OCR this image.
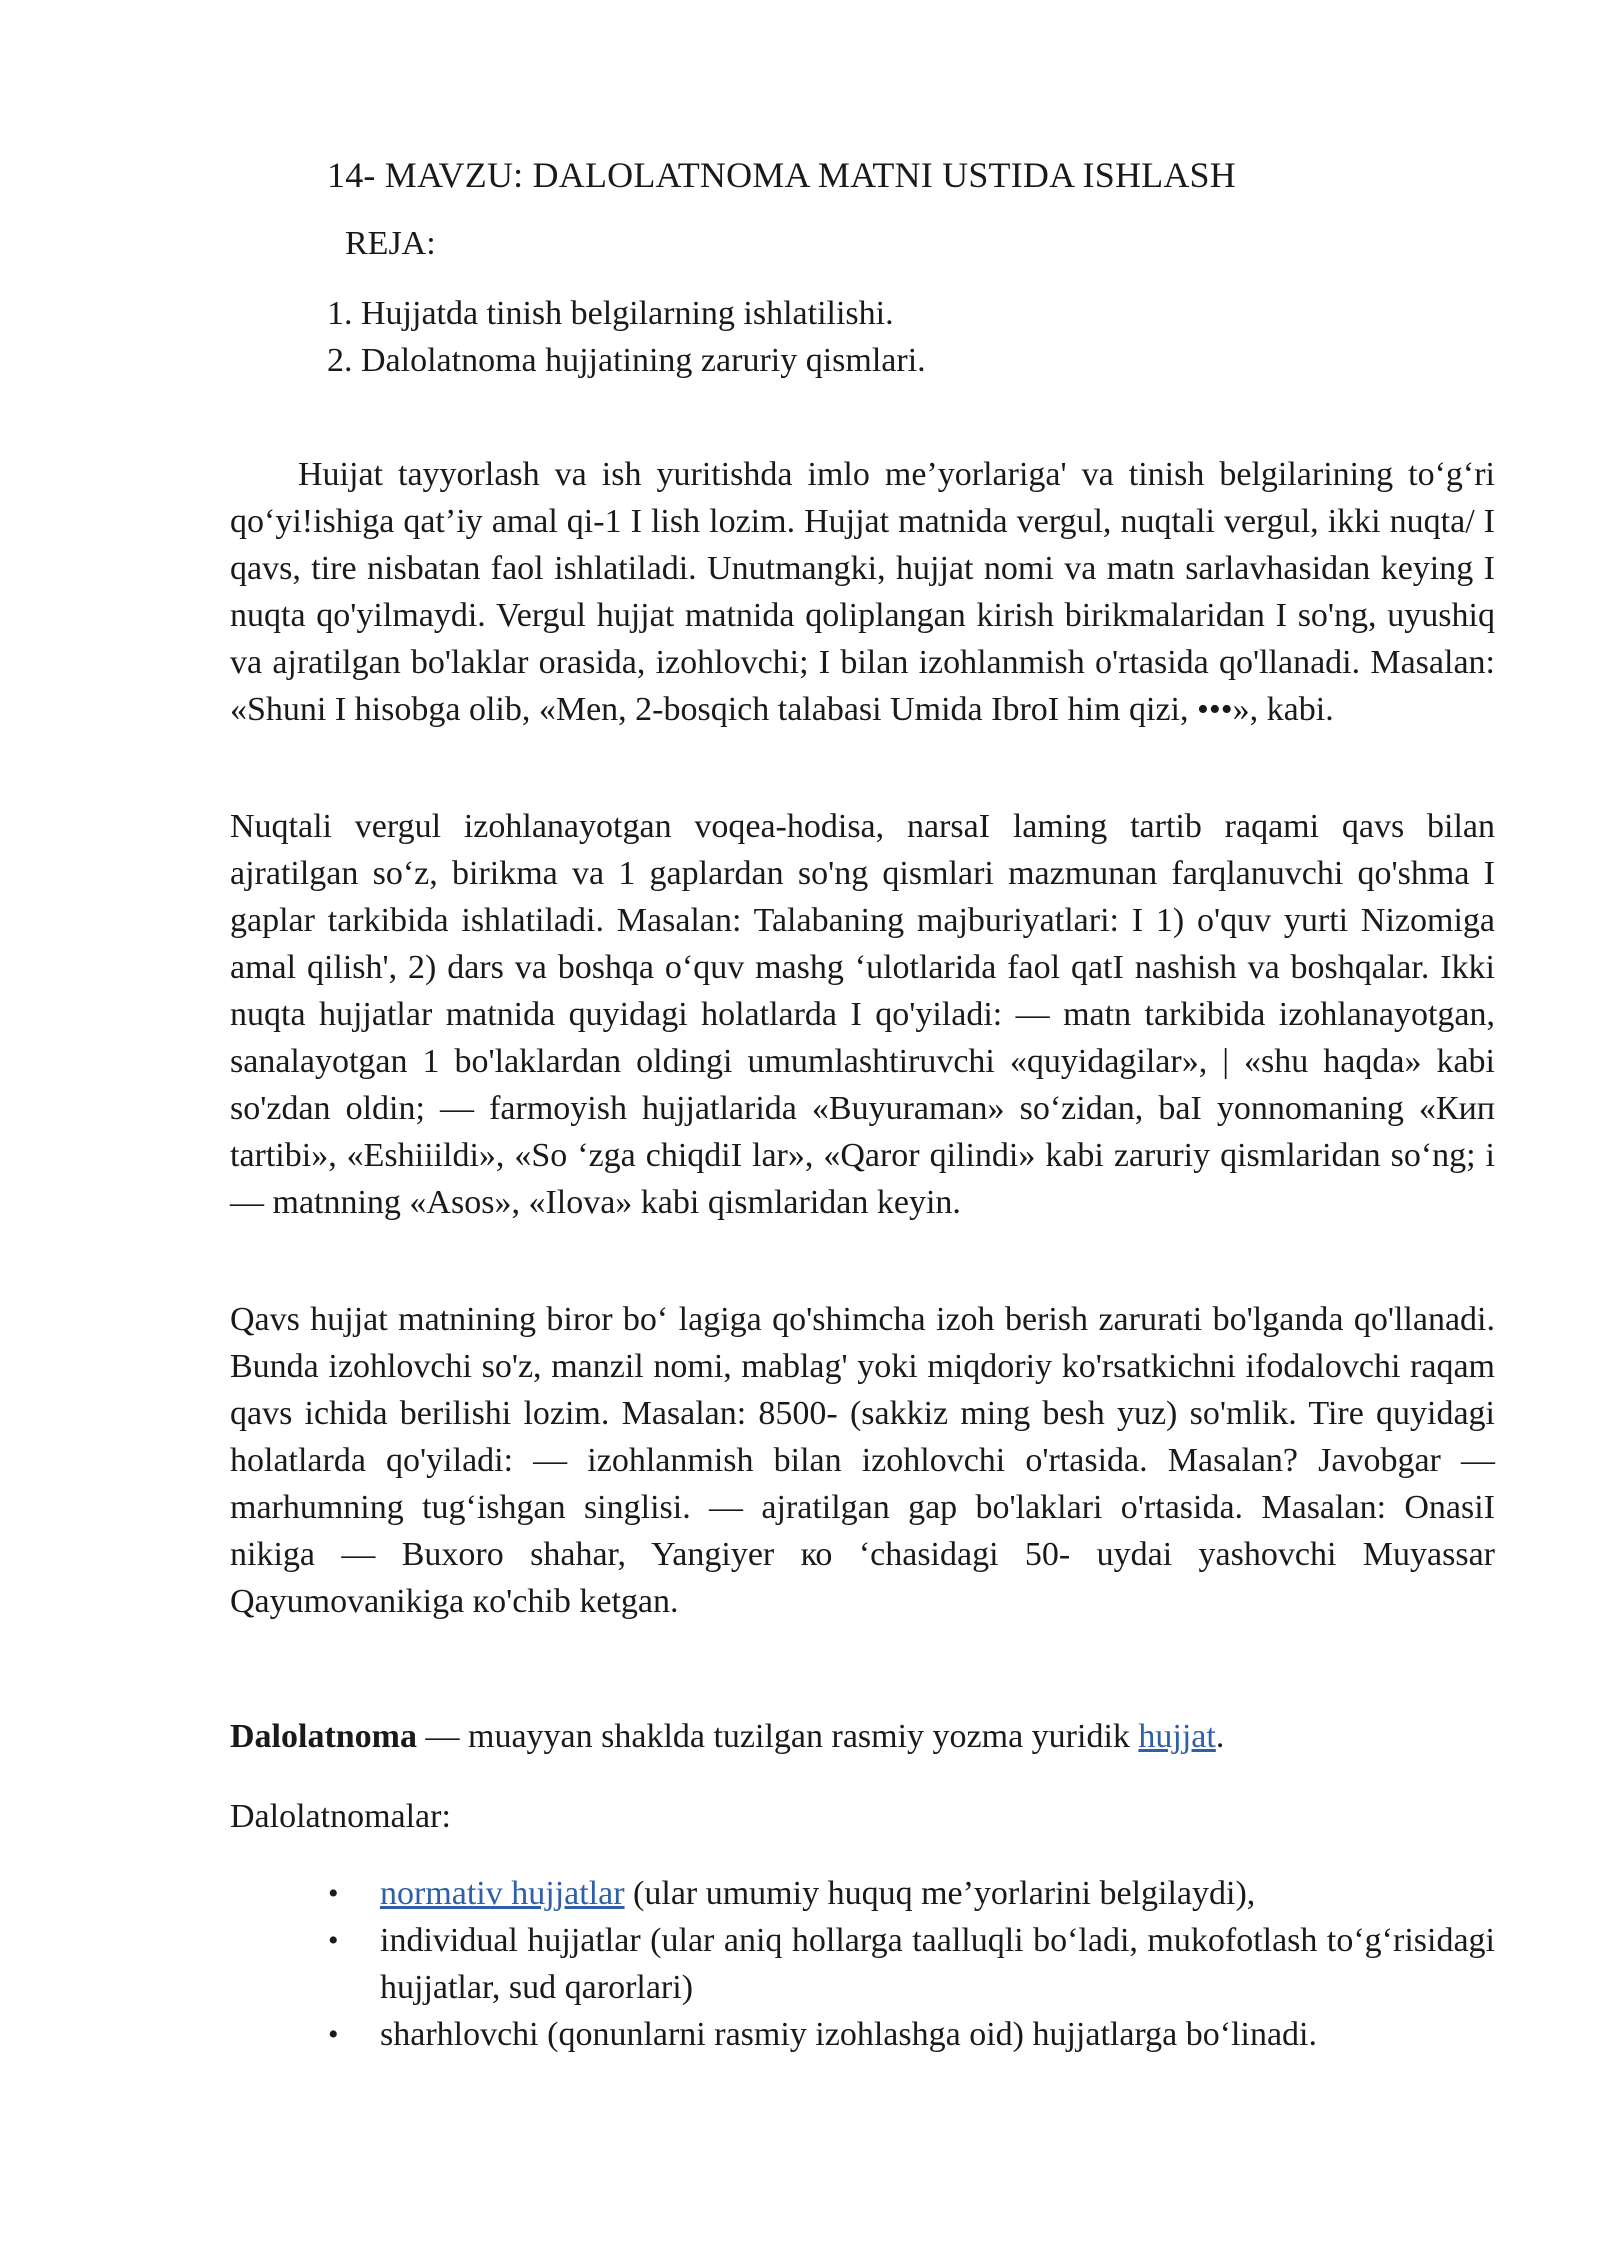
14- MAVZU: DALOLATNOMA MATNI USTIDA ISHLASH
REJA:
1. Hujjatda tinish belgilarning ishlatilishi.
2. Dalolatnoma hujjatining zaruriy qismlari.

Huijat tayyorlash va ish yuritishda imlo me’yorlariga' va tinish belgilarining to‘g‘ri qo‘yi!ishiga qat’iy amal qi-1 I lish lozim. Hujjat matnida vergul, nuqtali vergul, ikki nuqta/ I qavs, tire nisbatan faol ishlatiladi. Unutmangki, hujjat nomi va matn sarlavhasidan keying I nuqta qo'yilmaydi. Vergul hujjat matnida qoliplangan kirish birikmalaridan I so'ng, uyushiq va ajratilgan bo'laklar orasida, izohlovchi; I bilan izohlanmish o'rtasida qo'llanadi. Masalan: «Shuni I hisobga olib, «Men, 2-bosqich talabasi Umida IbroI him qizi, •••», kabi.

Nuqtali vergul izohlanayotgan voqea-hodisa, narsaI laming tartib raqami qavs bilan ajratilgan so‘z, birikma va 1 gaplardan so'ng qismlari mazmunan farqlanuvchi qo'shma I gaplar tarkibida ishlatiladi. Masalan: Talabaning majburiyatlari: I 1) o'quv yurti Nizomiga amal qilish', 2) dars va boshqa o‘quv mashg ‘ulotlarida faol qatI nashish va boshqalar. Ikki nuqta hujjatlar matnida quyidagi holatlarda I qo'yiladi: — matn tarkibida izohlanayotgan, sanalayotgan 1 bo'laklardan oldingi umumlashtiruvchi «quyidagilar», | «shu haqda» kabi so'zdan oldin; — farmoyish hujjatlarida «Buyuraman» so‘zidan, baI yonnomaning «Кип tartibi», «Eshiiildi», «So ‘zga chiqdiI lar», «Qaror qilindi» kabi zaruriy qismlaridan so‘ng; i — matnning «Asos», «Ilova» kabi qismlaridan keyin.

Qavs hujjat matnining biror bo‘ lagiga qo'shimcha izoh berish zarurati bo'lganda qo'llanadi. Bunda izohlovchi so'z, manzil nomi, mablag' yoki miqdoriy ko'rsatkichni ifodalovchi raqam qavs ichida berilishi lozim. Masalan: 8500- (sakkiz ming besh yuz) so'mlik. Tire quyidagi holatlarda qo'yiladi: — izohlanmish bilan izohlovchi o'rtasida. Masalan? Javobgar — marhumning tug‘ishgan singlisi. — ajratilgan gap bo'laklari o'rtasida. Masalan: OnasiI nikiga — Buxoro shahar, Yangiyer ко ‘chasidagi 50- uydai yashovchi Muyassar Qayumovanikiga кo'chib ketgan.

Dalolatnoma — muayyan shakldа tuzilgan rasmiy yozma yuridik hujjat.
Dalolatnomalar:
• normativ hujjatlar (ular umumiy huquq me’yorlarini belgilaydi),
• individual hujjatlar (ular aniq hollarga taalluqli bo‘ladi, mukofotlash to‘g‘risidagi hujjatlar, sud qarorlari)
• sharhlovchi (qonunlarni rasmiy izohlashga oid) hujjatlarga bo‘linadi.
